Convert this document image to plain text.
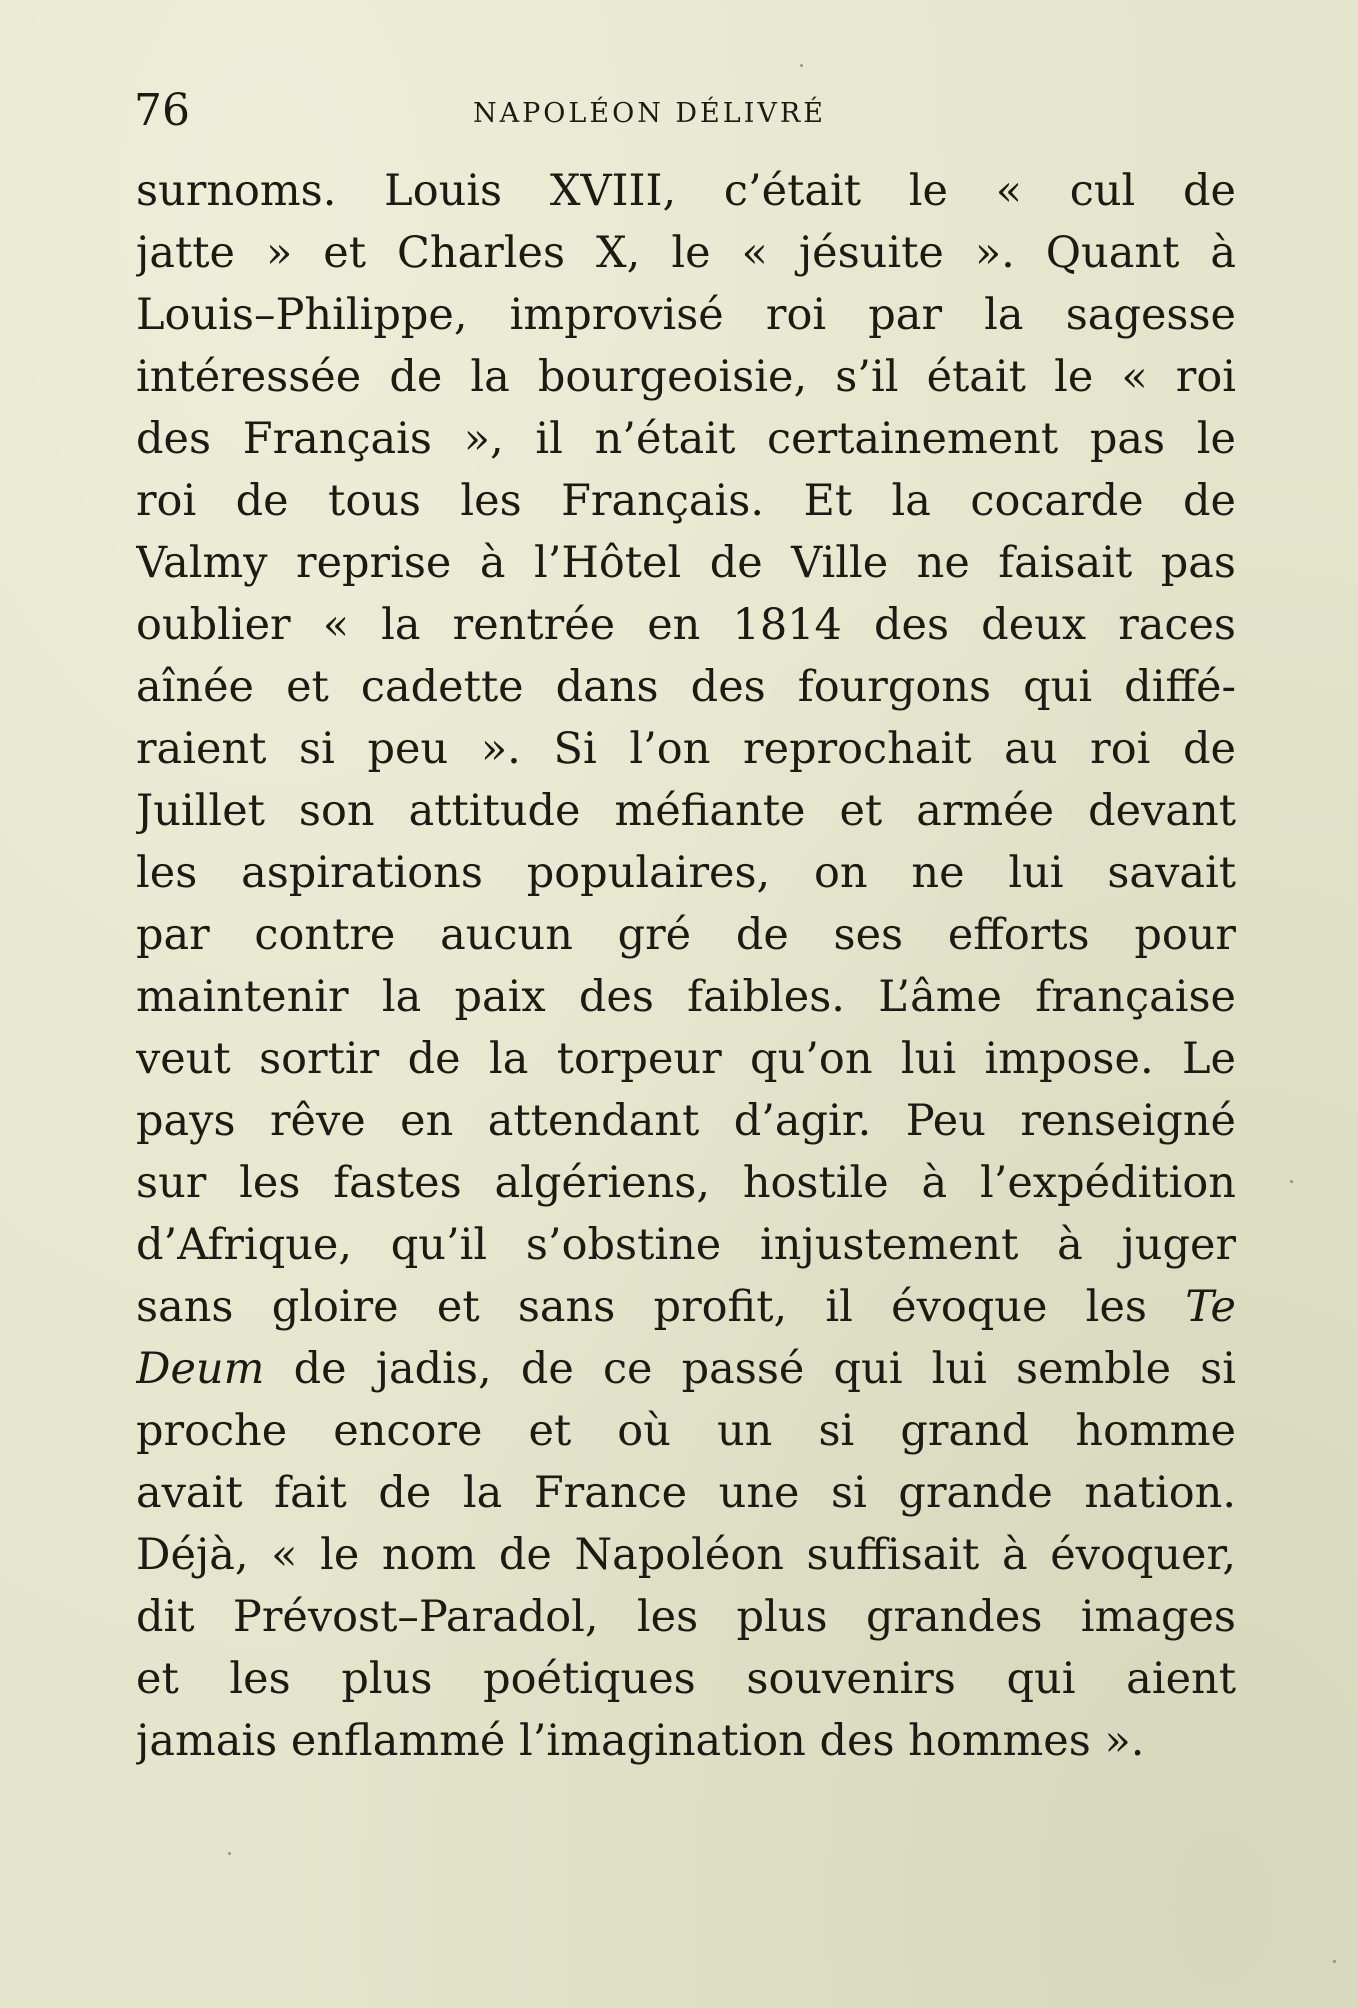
76	NAPOLÉON DÉLIVRÉ
surnoms. Louis XVIII, c’était le « cul de
jatte » et Charles X, le « jésuite ». Quant à
Louis–Philippe, improvisé roi par la sagesse
intéressée de la bourgeoisie, s’il était le « roi
des Français », il n’était certainement pas le
roi de tous les Français. Et la cocarde de
Valmy reprise à l’Hôtel de Ville ne faisait pas
oublier « la rentrée en 1814 des deux races
aînée et cadette dans des fourgons qui diffé-
raient si peu ». Si l’on reprochait au roi de
Juillet son attitude méfiante et armée devant
les aspirations populaires, on ne lui savait
par contre aucun gré de ses efforts pour
maintenir la paix des faibles. L’âme française
veut sortir de la torpeur qu’on lui impose. Le
pays rêve en attendant d’agir. Peu renseigné
sur les fastes algériens, hostile à l’expédition
d’Afrique, qu’il s’obstine injustement à juger
sans gloire et sans profit, il évoque les Te
Deum de jadis, de ce passé qui lui semble si
proche encore et où un si grand homme
avait fait de la France une si grande nation.
Déjà, « le nom de Napoléon suffisait à évoquer,
dit Prévost–Paradol, les plus grandes images
et les plus poétiques souvenirs qui aient
jamais enflammé l’imagination des hommes ».
